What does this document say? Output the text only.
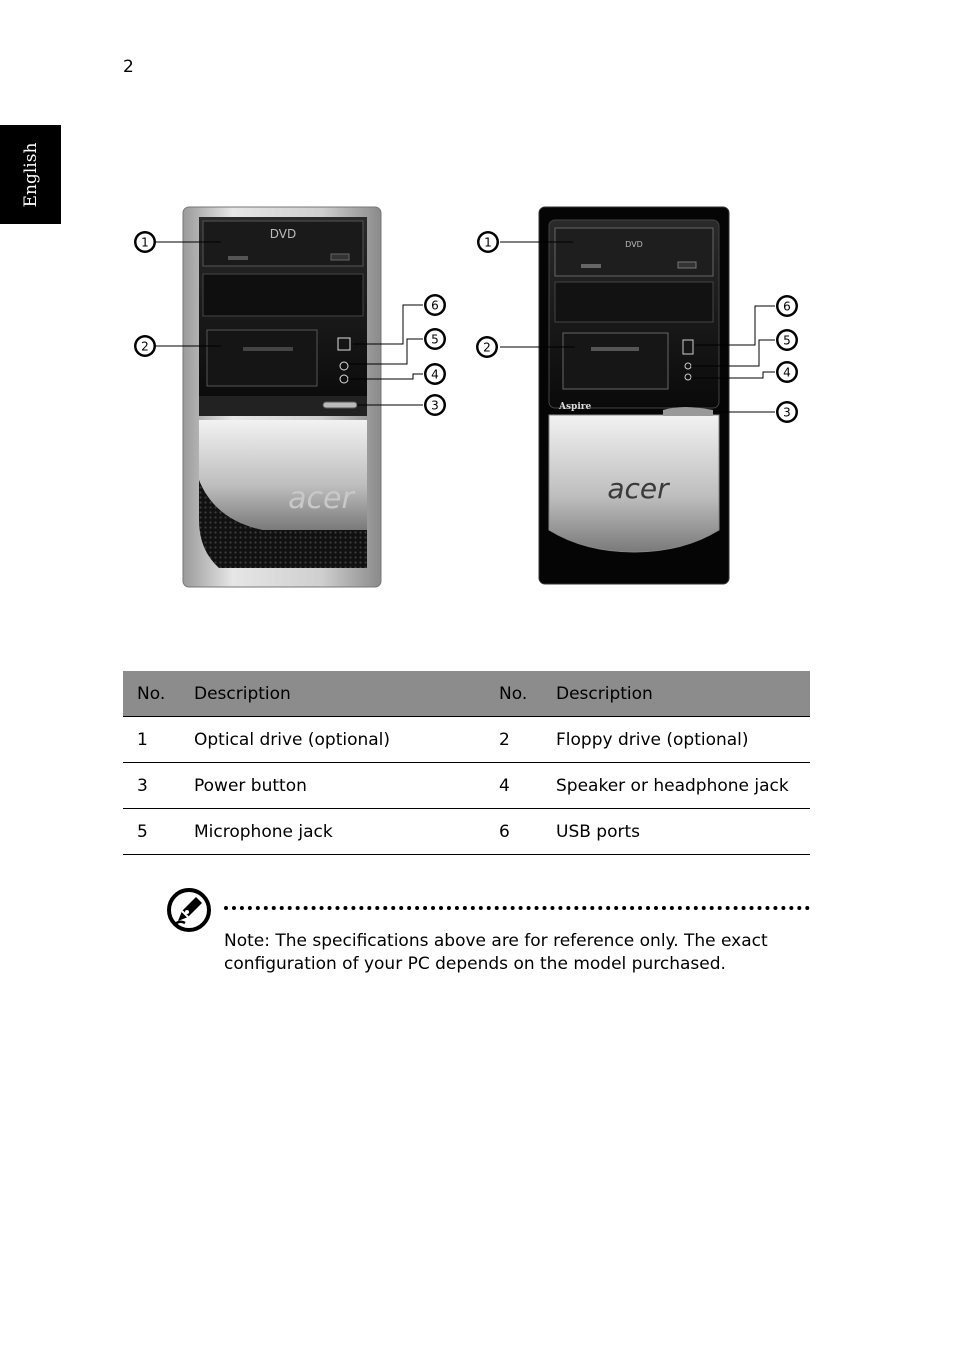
2
English
DVD
acer
DVD
Aspire
acer
1
2
6
5
4
3
1
2
6
5
4
3
No.	Description	No.	Description
1	Optical drive (optional)	2	Floppy drive (optional)
3	Power button	4	Speaker or headphone jack
5	Microphone jack	6	USB ports
Note: The specifications above are for reference only. The exact configuration of your PC depends on the model purchased.
